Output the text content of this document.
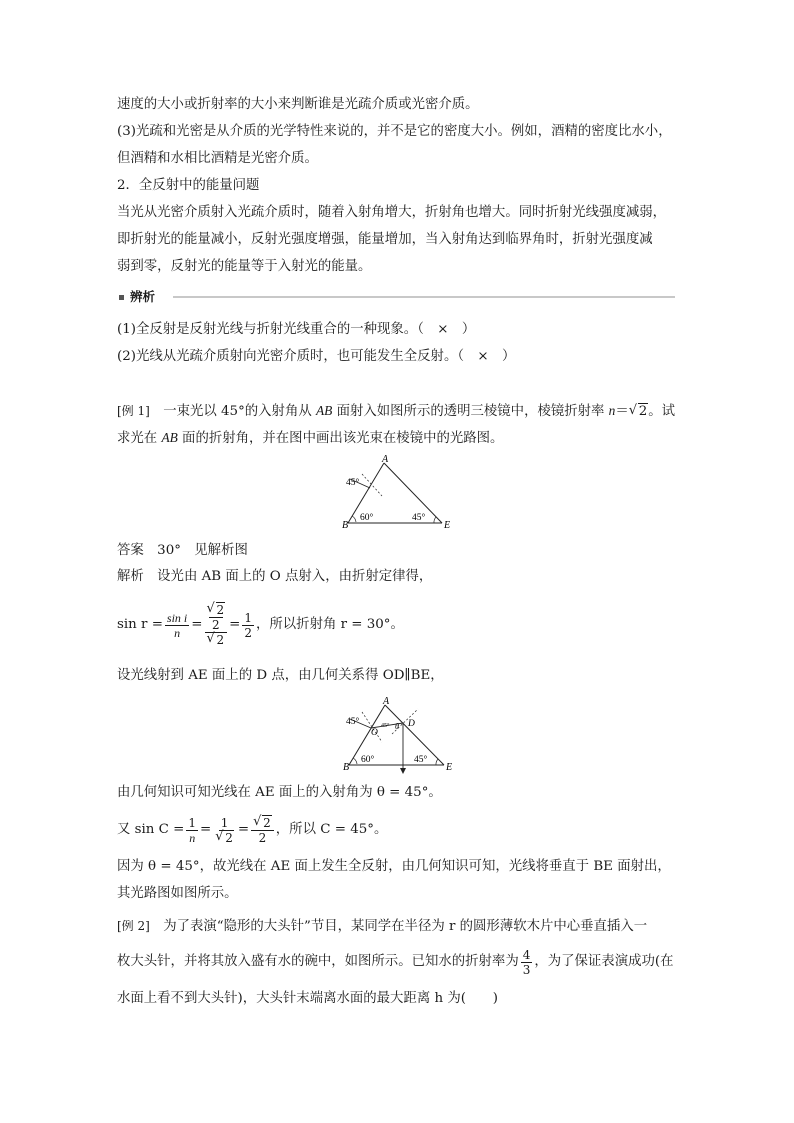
速度的大小或折射率的大小来判断谁是光疏介质或光密介质。
(3)光疏和光密是从介质的光学特性来说的，并不是它的密度大小。例如，酒精的密度比水小，
但酒精和水相比酒精是光密介质。
2．全反射中的能量问题
当光从光密介质射入光疏介质时，随着入射角增大，折射角也增大。同时折射光线强度减弱，
即折射光的能量减小，反射光强度增强，能量增加，当入射角达到临界角时，折射光强度减
弱到零，反射光的能量等于入射光的能量。
辨析
(1)全反射是反射光线与折射光线重合的一种现象。（　×　）
(2)光线从光疏介质射向光密介质时，也可能发生全反射。（　×　）
[例 1]　一束光以 45°的入射角从 AB 面射入如图所示的透明三棱镜中，棱镜折射率 n＝ √ 2。试
求光在 AB 面的折射角，并在图中画出该光束在棱镜中的光路图。
A
B	E
45°
60°	45°
答案　30°　见解析图
解析　设光由 AB 面上的 O 点射入，由折射定律得，
$\sin r = \frac{\text{sin i}}{n}$ = √ 2
2
√ $2 = \frac{1}{2}$ ，所以折射角 r = 30°。
设光线射到 AE 面上的 D 点，由几何关系得 OD∥BE，
A
B	E
O
D
45°	45° θ
60°	45°
由几何知识可知光线在 AE 面上的入射角为 θ = 45°。
又 $\sin C = \frac{1}{n} = 1$
√ 2 = √ $\frac{2}{2}$ ，所以 C = 45°。
因为 θ = 45°，故光线在 AE 面上发生全反射，由几何知识可知，光线将垂直于 BE 面射出，
其光路图如图所示。
[例 2]　为了表演“隐形的大头针”节目，某同学在半径为 r 的圆形薄软木片中心垂直插入一
枚大头针，并将其放入盛有水的碗中，如图所示。已知水的折射率为 $\frac{4}{3}$ ，为了保证表演成功(在
水面上看不到大头针)，大头针末端离水面的最大距离 h 为(　　)
